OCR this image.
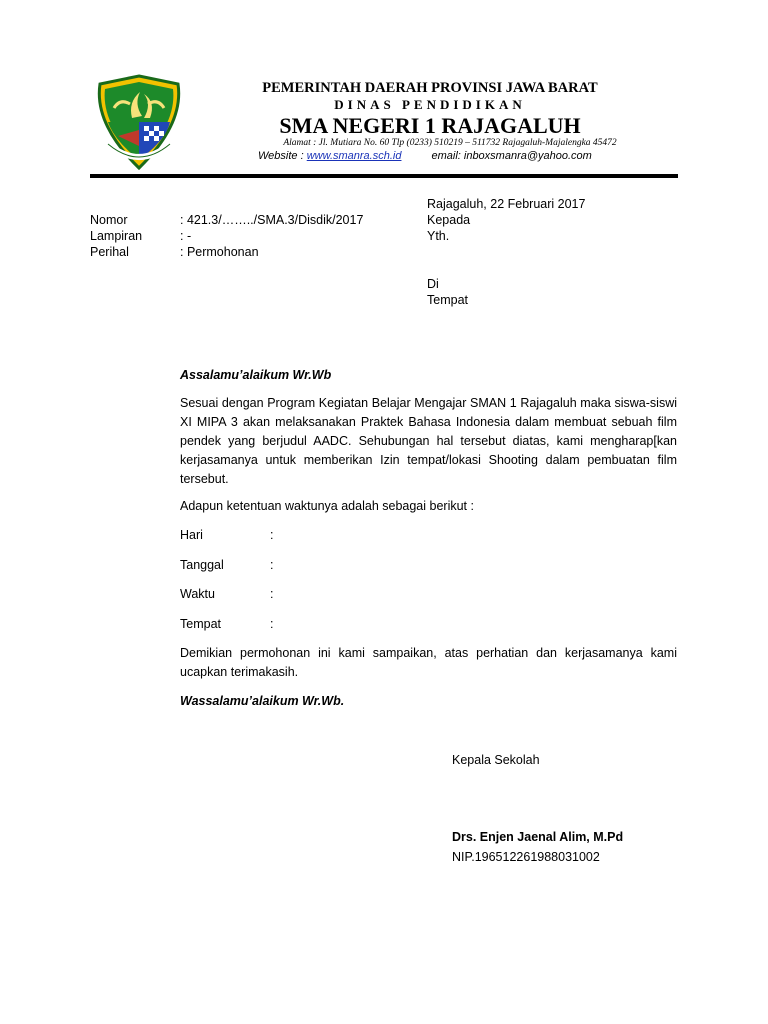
PEMERINTAH DAERAH PROVINSI JAWA BARAT
DINAS PENDIDIKAN
SMA NEGERI 1 RAJAGALUH
Alamat : Jl. Mutiara No. 60 Tlp (0233) 510219 – 511732 Rajagaluh-Majalengka 45472
Website : www.smanra.sch.id	email: inboxsmanra@yahoo.com
Rajagaluh, 22 Februari 2017
Kepada
Yth.
Di
Tempat
Nomor	: 421.3/……../SMA.3/Disdik/2017
Lampiran	: -
Perihal	: Permohonan
Assalamu’alaikum Wr.Wb
Sesuai dengan Program Kegiatan Belajar Mengajar SMAN 1 Rajagaluh maka siswa-siswi XI MIPA 3 akan melaksanakan Praktek Bahasa Indonesia dalam membuat sebuah film pendek yang berjudul AADC. Sehubungan hal tersebut diatas, kami mengharap[kan kerjasamanya untuk memberikan Izin tempat/lokasi Shooting dalam pembuatan film tersebut.
Adapun ketentuan waktunya adalah sebagai berikut :
Hari	:
Tanggal	:
Waktu	:
Tempat	:
Demikian permohonan ini kami sampaikan, atas perhatian dan kerjasamanya kami ucapkan terimakasih.
Wassalamu’alaikum Wr.Wb.
Kepala Sekolah
Drs. Enjen Jaenal Alim, M.Pd
NIP.196512261988031002
